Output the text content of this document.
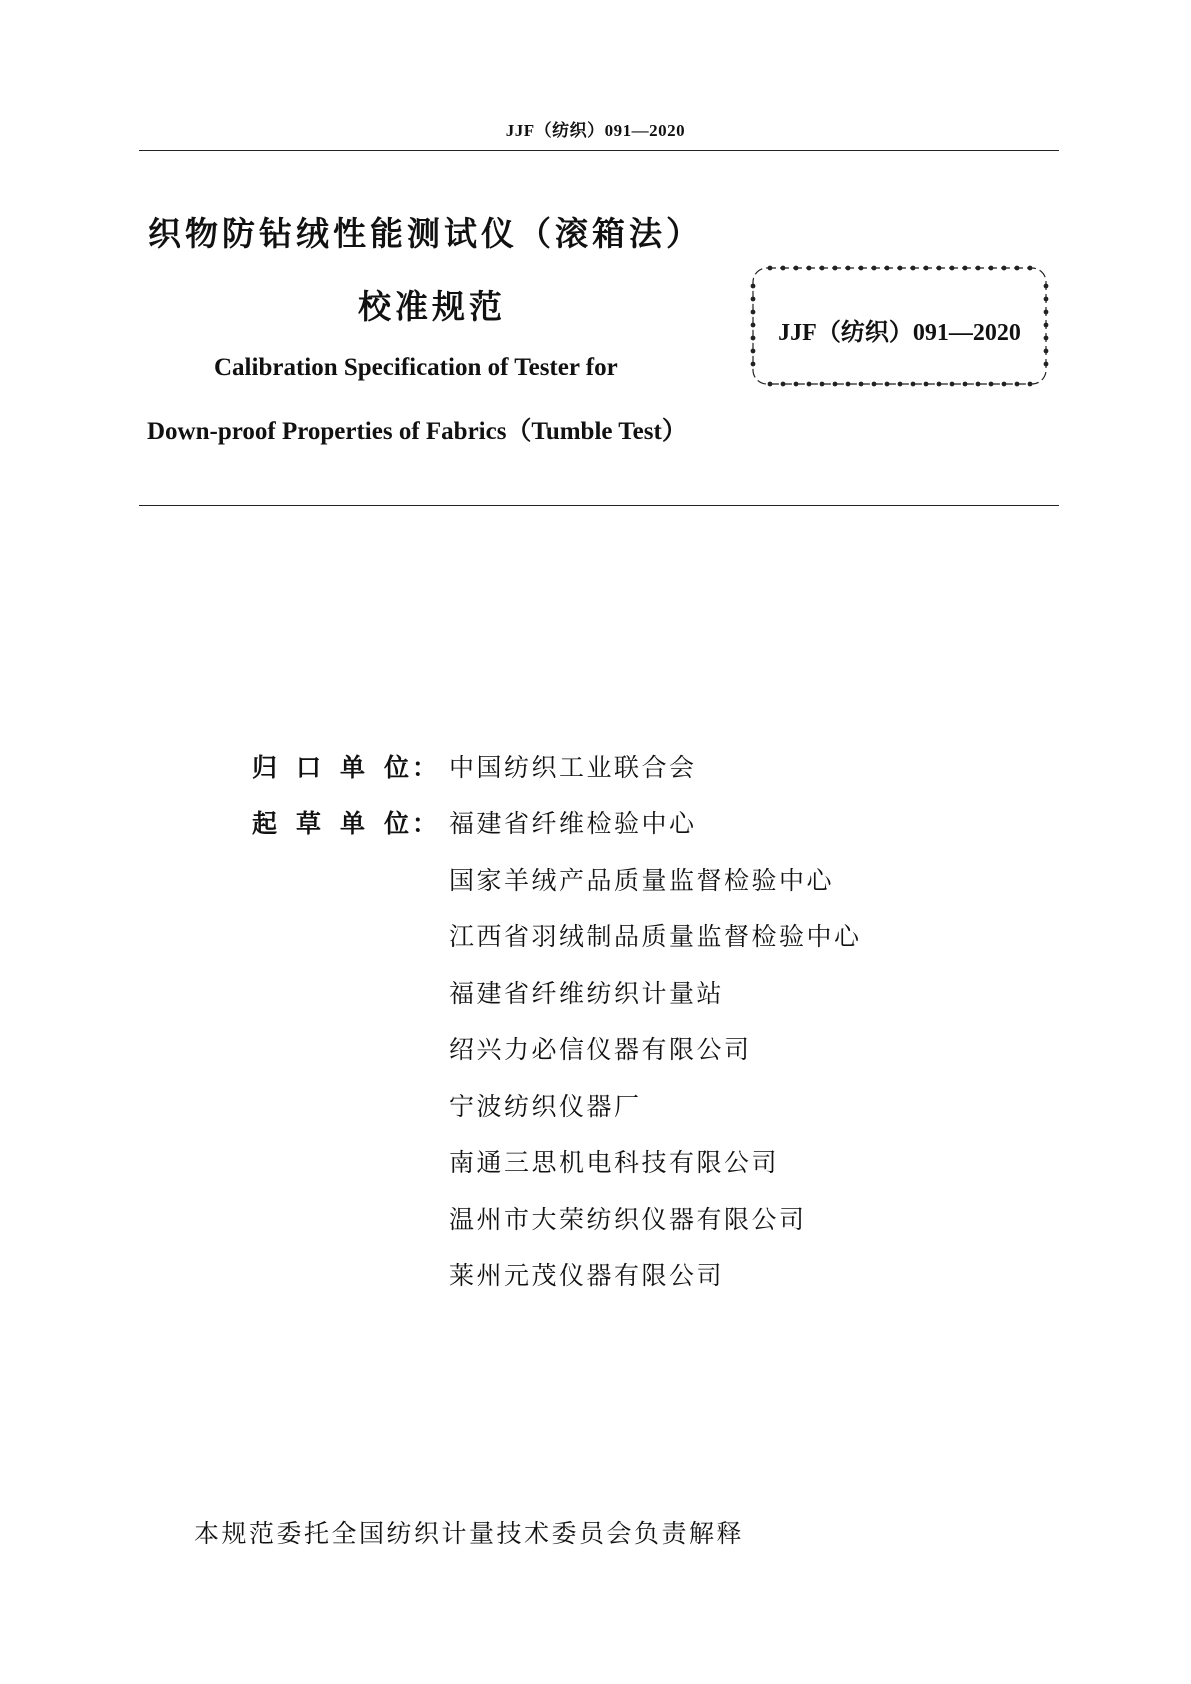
JJF（纺织）091—2020
织物防钻绒性能测试仪（滚箱法）
校准规范
Calibration Specification of Tester for
Down-proof Properties of Fabrics（Tumble Test）
JJF（纺织）091—2020
归 口 单 位 ： 中国纺织工业联合会
起 草 单 位 ： 福建省纤维检验中心
国家羊绒产品质量监督检验中心
江西省羽绒制品质量监督检验中心
福建省纤维纺织计量站
绍兴力必信仪器有限公司
宁波纺织仪器厂
南通三思机电科技有限公司
温州市大荣纺织仪器有限公司
莱州元茂仪器有限公司
本规范委托全国纺织计量技术委员会负责解释
